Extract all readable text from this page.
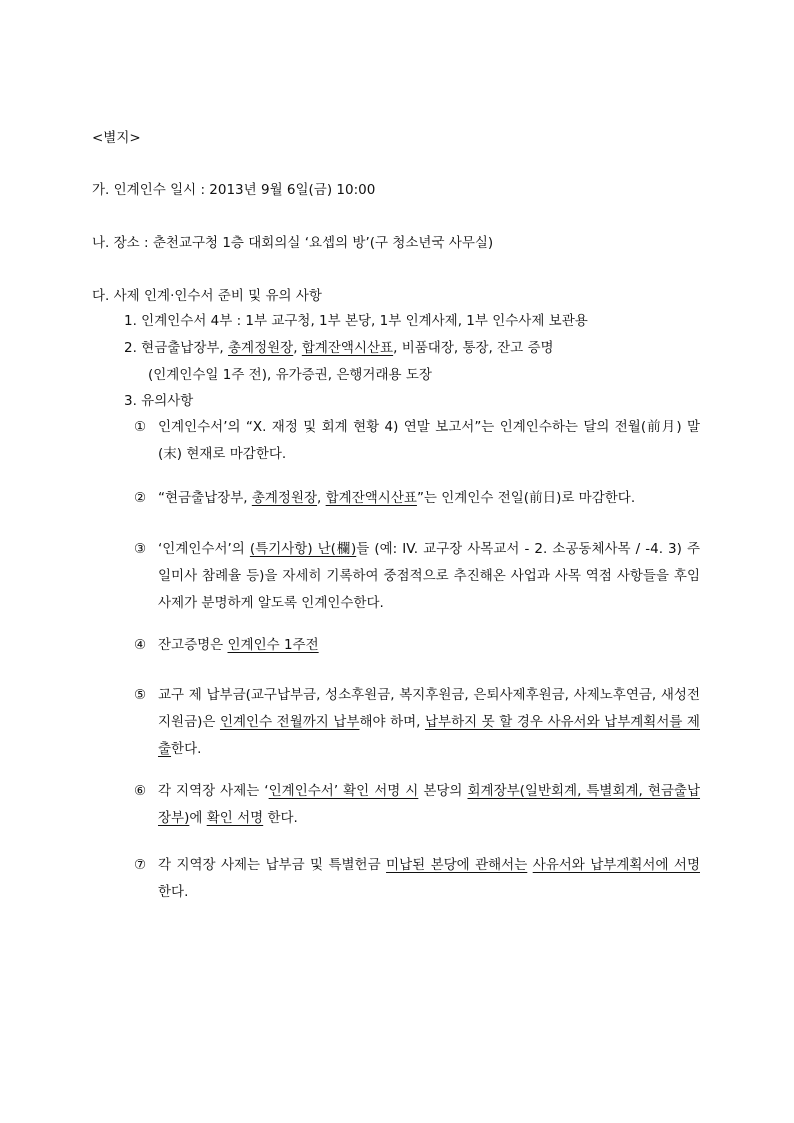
<별지>
가. 인계인수 일시 : 2013년 9월 6일(금) 10:00
나. 장소 : 춘천교구청 1층 대회의실 ‘요셉의 방’(구 청소년국 사무실)
다. 사제 인계·인수서 준비 및 유의 사항
1. 인계인수서 4부 : 1부 교구청, 1부 본당, 1부 인계사제, 1부 인수사제 보관용
2. 현금출납장부, 총계정원장, 합계잔액시산표, 비품대장, 통장, 잔고 증명
(인계인수일 1주 전), 유가증권, 은행거래용 도장
3. 유의사항
① 인계인수서’의 “X. 재정 및 회계 현황 4) 연말 보고서”는 인계인수하는 달의 전월(前月) 말(末) 현재로 마감한다.
② “현금출납장부, 총계정원장, 합계잔액시산표”는 인계인수 전일(前日)로 마감한다.
③ ‘인계인수서’의 (특기사항) 난(欄)들 (예: IV. 교구장 사목교서 - 2. 소공동체사목 / -4. 3) 주일미사 참례율 등)을 자세히 기록하여 중점적으로 추진해온 사업과 사목 역점 사항들을 후임사제가 분명하게 알도록 인계인수한다.
④ 잔고증명은 인계인수 1주전
⑤ 교구 제 납부금(교구납부금, 성소후원금, 복지후원금, 은퇴사제후원금, 사제노후연금, 새성전지원금)은 인계인수 전월까지 납부해야 하며, 납부하지 못 할 경우 사유서와 납부계획서를 제출한다.
⑥ 각 지역장 사제는 ‘인계인수서’ 확인 서명 시 본당의 회계장부(일반회계, 특별회계, 현금출납장부)에 확인 서명 한다.
⑦ 각 지역장 사제는 납부금 및 특별헌금 미납된 본당에 관해서는 사유서와 납부계획서에 서명한다.
